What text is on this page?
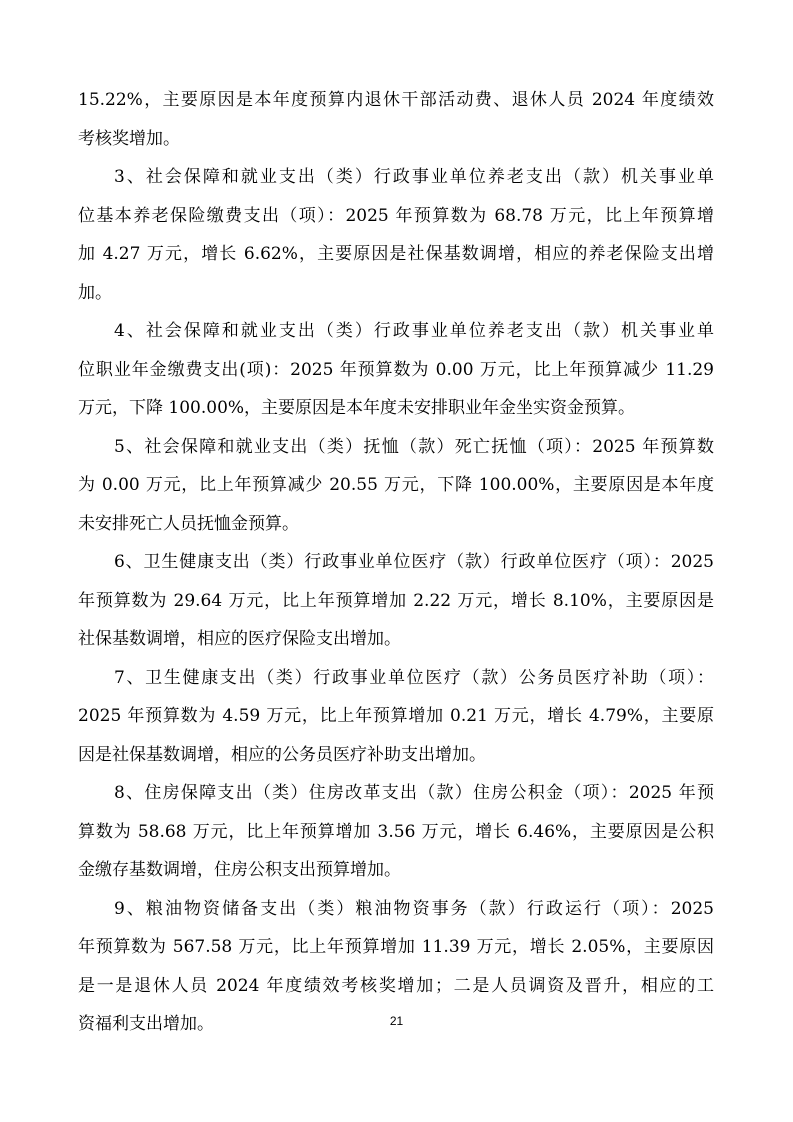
15.22%，主要原因是本年度预算内退休干部活动费、退休人员 2024 年度绩效
考核奖增加。
3、社会保障和就业支出（类）行政事业单位养老支出（款）机关事业单
位基本养老保险缴费支出（项）：2025 年预算数为 68.78 万元，比上年预算增
加 4.27 万元，增长 6.62%，主要原因是社保基数调增，相应的养老保险支出增
加。
4、社会保障和就业支出（类）行政事业单位养老支出（款）机关事业单
位职业年金缴费支出(项)：2025 年预算数为 0.00 万元，比上年预算减少 11.29
万元，下降 100.00%，主要原因是本年度未安排职业年金坐实资金预算。
5、社会保障和就业支出（类）抚恤（款）死亡抚恤（项）：2025 年预算数
为 0.00 万元，比上年预算减少 20.55 万元，下降 100.00%，主要原因是本年度
未安排死亡人员抚恤金预算。
6、卫生健康支出（类）行政事业单位医疗（款）行政单位医疗（项）：2025
年预算数为 29.64 万元，比上年预算增加 2.22 万元，增长 8.10%，主要原因是
社保基数调增，相应的医疗保险支出增加。
7、卫生健康支出（类）行政事业单位医疗（款）公务员医疗补助（项）：
2025 年预算数为 4.59 万元，比上年预算增加 0.21 万元，增长 4.79%，主要原
因是社保基数调增，相应的公务员医疗补助支出增加。
8、住房保障支出（类）住房改革支出（款）住房公积金（项）：2025 年预
算数为 58.68 万元，比上年预算增加 3.56 万元，增长 6.46%，主要原因是公积
金缴存基数调增，住房公积支出预算增加。
9、粮油物资储备支出（类）粮油物资事务（款）行政运行（项）：2025
年预算数为 567.58 万元，比上年预算增加 11.39 万元，增长 2.05%，主要原因
是一是退休人员 2024 年度绩效考核奖增加；二是人员调资及晋升，相应的工
资福利支出增加。	21
